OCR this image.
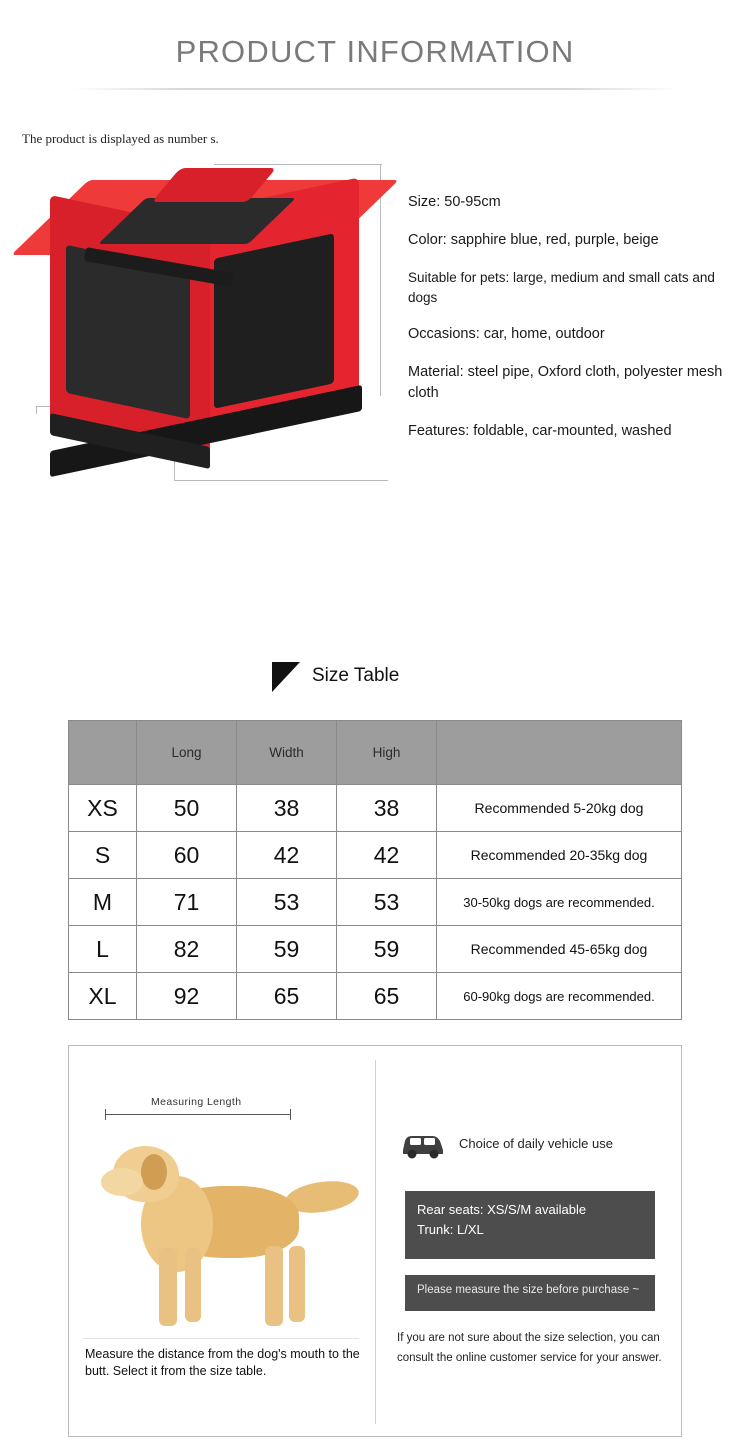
PRODUCT INFORMATION
The product is displayed as number s.
Size: 50-95cm
Color: sapphire blue, red, purple, beige
Suitable for pets: large, medium and small cats and dogs
Occasions: car, home, outdoor
Material: steel pipe, Oxford cloth, polyester mesh cloth
Features: foldable, car-mounted, washed
Size Table
	Long	Width	High	
XS	50	38	38	Recommended 5-20kg dog
S	60	42	42	Recommended 20-35kg dog
M	71	53	53	30-50kg dogs are recommended.
L	82	59	59	Recommended 45-65kg dog
XL	92	65	65	60-90kg dogs are recommended.
Measuring Length
Measure the distance from the dog's mouth to the butt. Select it from the size table.
Choice of daily vehicle use
Rear seats: XS/S/M available
Trunk: L/XL
Please measure the size before purchase ~
If you are not sure about the size selection, you can consult the online customer service for your answer.
